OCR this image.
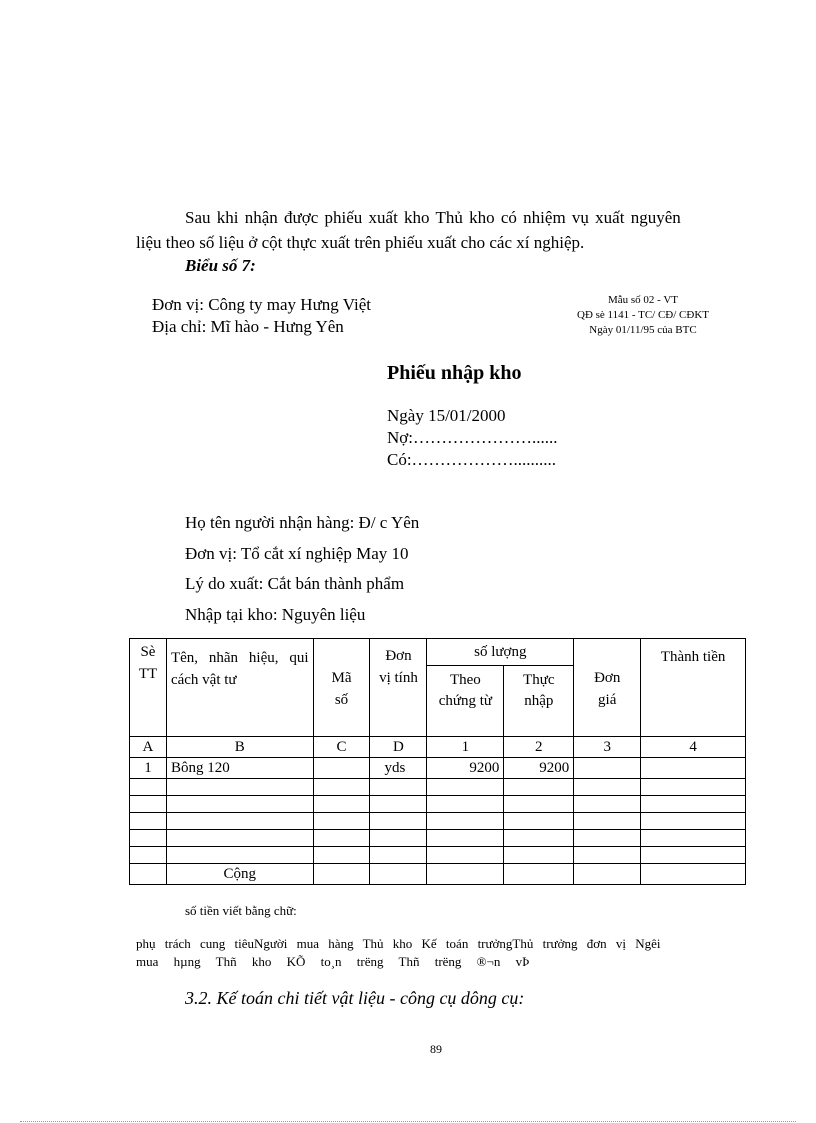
Sau khi nhận được phiếu xuất kho Thủ kho có nhiệm vụ xuất nguyên
liệu theo số liệu ở cột thực xuất trên phiếu xuất cho các xí nghiệp.
Biểu số 7:
Đơn vị: Công ty may Hưng Việt
Địa chỉ: Mĩ hào - Hưng Yên
Mẫu số 02 - VT
QĐ sè 1141 - TC/ CĐ/ CĐKT
Ngày 01/11/95 của BTC
Phiếu nhập kho
Ngày 15/01/2000
Nợ:…………………......
Có:………………..........
Họ tên người nhận hàng: Đ/ c Yên
Đơn vị: Tổ cắt xí nghiệp May 10
Lý do xuất: Cắt bán thành phẩm
Nhập tại kho: Nguyên liệu
Sè TT	Tên, nhãn hiệu, qui cách vật tư	Mã số	Đơn vị tính	số lượng		Đơn giá	Thành tiền
				Theo chứng từ	Thực nhập		
A	B	C	D	1	2	3	4
1	Bông 120		yds	9200	9200		

	Cộng						
số tiền viết bằng chữ:
phụ trách cung tiêuNgười mua hàng Thủ kho Kế toán trưởngThủ trưởng đơn vị Ngêi
mua hµng Thñ kho KÕ to¸n trëng Thñ trëng ®¬n vÞ
3.2. Kế toán chi tiết vật liệu - công cụ dông cụ:
89
